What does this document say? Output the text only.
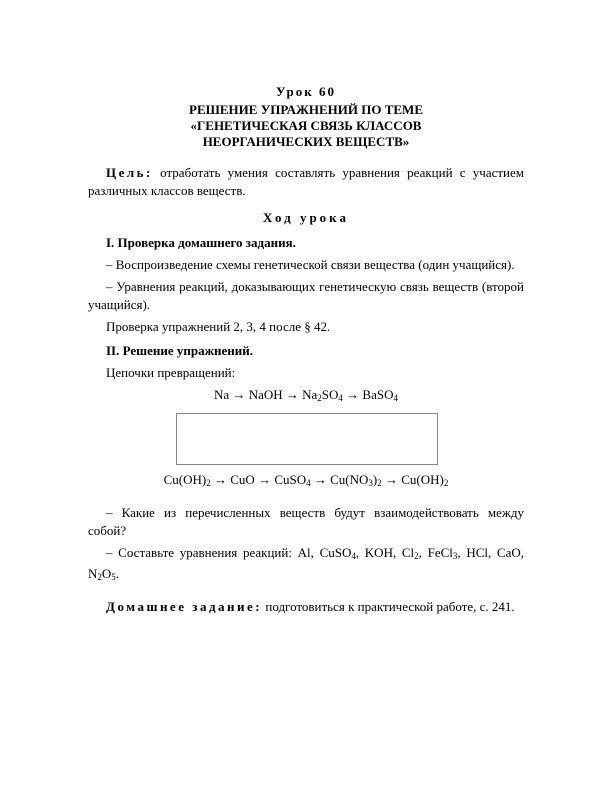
Урок 60
РЕШЕНИЕ УПРАЖНЕНИЙ ПО ТЕМЕ
«ГЕНЕТИЧЕСКАЯ СВЯЗЬ КЛАССОВ
НЕОРГАНИЧЕСКИХ ВЕЩЕСТВ»

Цель: отработать умения составлять уравнения реакций с участием различных классов веществ.

Ход урока

I. Проверка домашнего задания.

– Воспроизведение схемы генетической связи вещества (один учащийся).

– Уравнения реакций, доказывающих генетическую связь веществ (второй учащийся).

Проверка упражнений 2, 3, 4 после § 42.

II. Решение упражнений.

Цепочки превращений:

Na → NaOH → $Na_2SO_4$ → BaSO$_4$
$Cu(OH)_2$ → CuO → CuSO$_4$ → $Cu(NO_3)_2 \to Cu(OH)_2$

– Какие из перечисленных веществ будут взаимодействовать между собой?

– Составьте уравнения реакций: Al, CuSO$_4$, KOH, $Cl_2$, FeCl$_3$, HCl, CaO, $N_2O_5$.

Домашнее задание: подготовиться к практической работе, с. 241.
